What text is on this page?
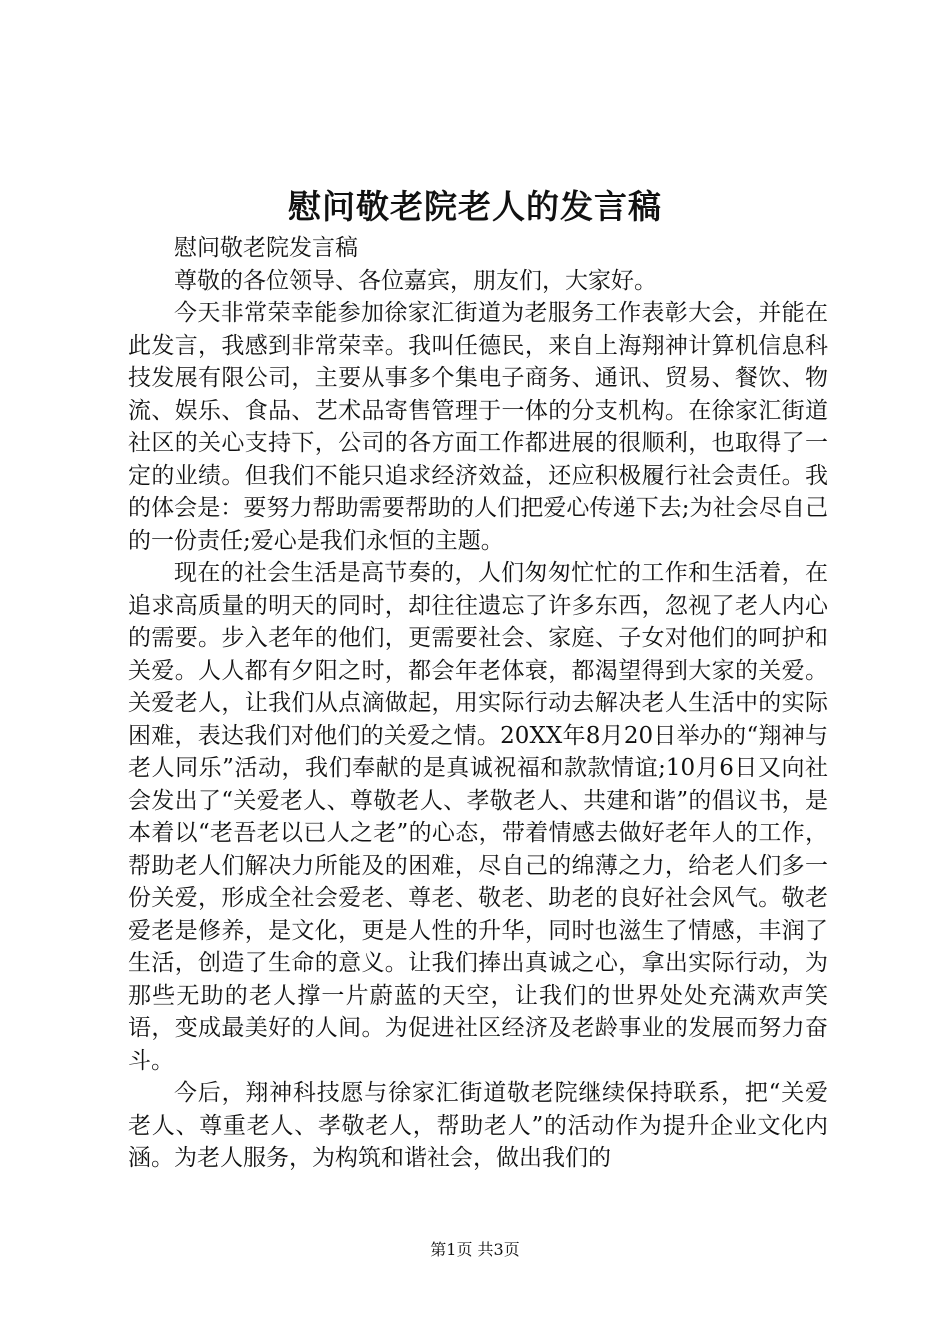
慰问敬老院老人的发言稿

慰问敬老院发言稿

尊敬的各位领导、各位嘉宾，朋友们，大家好。

今天非常荣幸能参加徐家汇街道为老服务工作表彰大会，并能在此发言，我感到非常荣幸。我叫任德民，来自上海翔神计算机信息科技发展有限公司，主要从事多个集电子商务、通讯、贸易、餐饮、物流、娱乐、食品、艺术品寄售管理于一体的分支机构。在徐家汇街道社区的关心支持下，公司的各方面工作都进展的很顺利，也取得了一定的业绩。但我们不能只追求经济效益，还应积极履行社会责任。我的体会是：要努力帮助需要帮助的人们把爱心传递下去;为社会尽自己的一份责任;爱心是我们永恒的主题。

现在的社会生活是高节奏的，人们匆匆忙忙的工作和生活着，在追求高质量的明天的同时，却往往遗忘了许多东西，忽视了老人内心的需要。步入老年的他们，更需要社会、家庭、子女对他们的呵护和关爱。人人都有夕阳之时，都会年老体衰，都渴望得到大家的关爱。关爱老人，让我们从点滴做起，用实际行动去解决老人生活中的实际困难，表达我们对他们的关爱之情。20XX年8月20日举办的“翔神与老人同乐”活动，我们奉献的是真诚祝福和款款情谊;10月6日又向社会发出了“关爱老人、尊敬老人、孝敬老人、共建和谐”的倡议书，是本着以“老吾老以已人之老”的心态，带着情感去做好老年人的工作，帮助老人们解决力所能及的困难，尽自己的绵薄之力，给老人们多一份关爱，形成全社会爱老、尊老、敬老、助老的良好社会风气。敬老爱老是修养，是文化，更是人性的升华，同时也滋生了情感，丰润了生活，创造了生命的意义。让我们捧出真诚之心，拿出实际行动，为那些无助的老人撑一片蔚蓝的天空，让我们的世界处处充满欢声笑语，变成最美好的人间。为促进社区经济及老龄事业的发展而努力奋斗。

今后，翔神科技愿与徐家汇街道敬老院继续保持联系，把“关爱老人、尊重老人、孝敬老人，帮助老人”的活动作为提升企业文化内涵。为老人服务，为构筑和谐社会，做出我们的

第1页 共3页
